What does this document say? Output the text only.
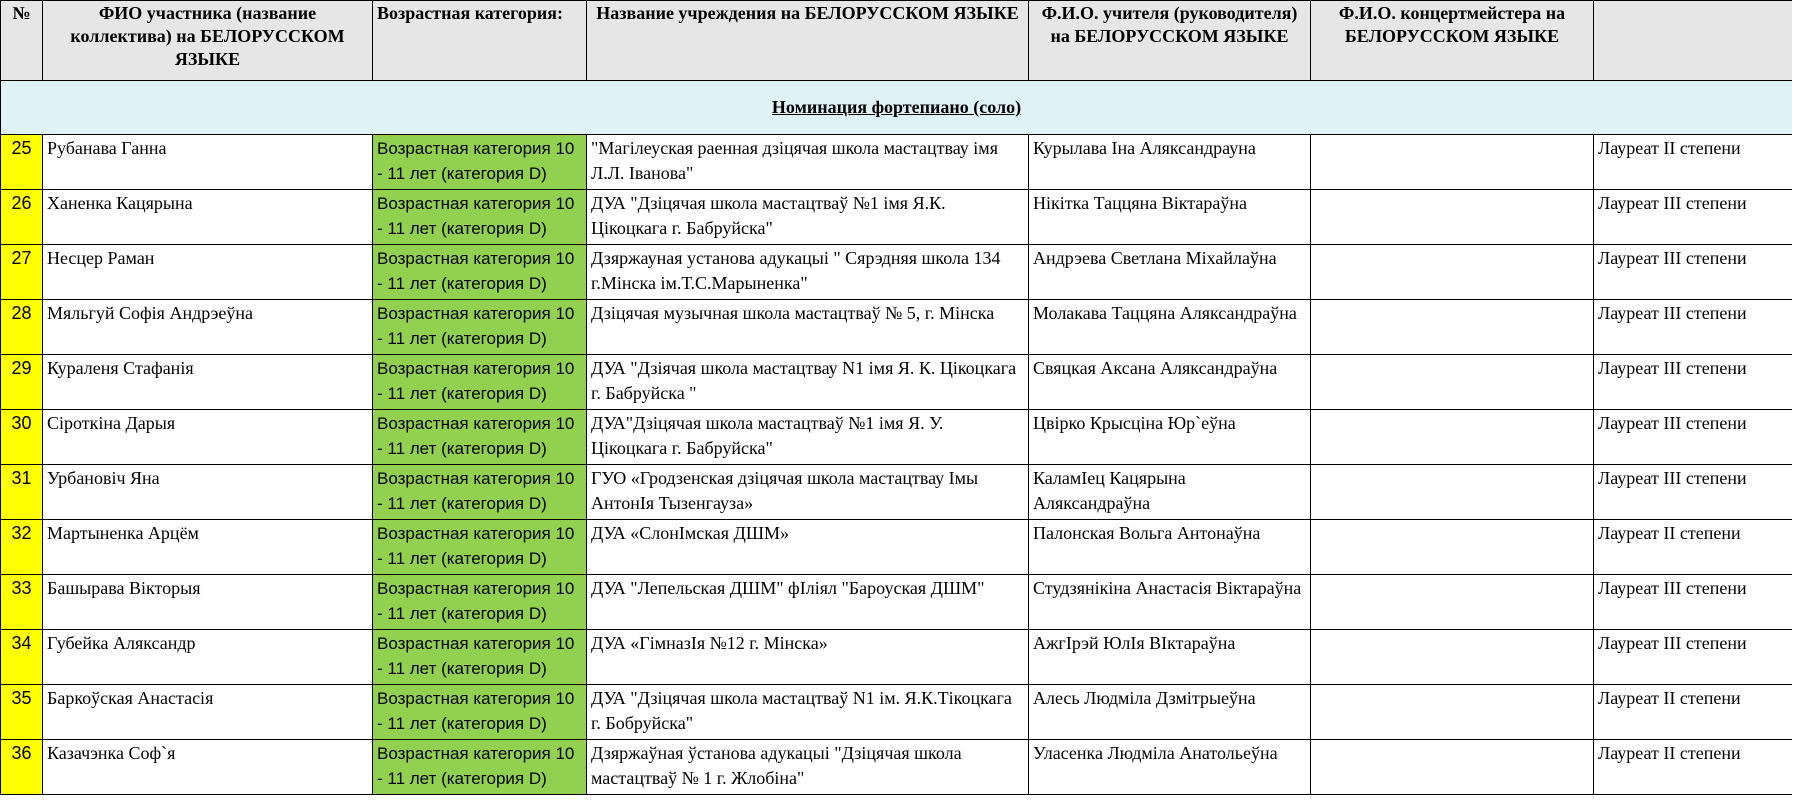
№	ФИО участника (название коллектива) на БЕЛОРУССКОМ ЯЗЫКЕ	Возрастная категория:	Название учреждения на БЕЛОРУССКОМ ЯЗЫКЕ	Ф.И.О. учителя (руководителя) на БЕЛОРУССКОМ ЯЗЫКЕ	Ф.И.О. концертмейстера на БЕЛОРУССКОМ ЯЗЫКЕ	
Номинация фортепиано (соло)						
25	Рубанава Ганна	Возрастная категория 10 - 11 лет (категория D)	"Магілеуская раенная дзіцячая школа мастацтвау імя Л.Л. Іванова"	Курылава Іна Аляксандрауна		Лауреат II степени
26	Ханенка Кацярына	Возрастная категория 10 - 11 лет (категория D)	ДУА "Дзіцячая школа мастацтваў №1 імя Я.К. Цікоцкага г. Бабруйска"	Нікітка Таццяна Віктараўна		Лауреат III степени
27	Несцер Раман	Возрастная категория 10 - 11 лет (категория D)	Дзяржауная установа адукацыі " Сярэдняя школа 134 г.Мінска ім.Т.С.Марыненка"	Андрэева Светлана Міхайлаўна		Лауреат III степени
28	Мяльгуй Софія Андрэеўна	Возрастная категория 10 - 11 лет (категория D)	Дзіцячая музычная школа мастацтваў № 5, г. Мінска	Молакава Таццяна Аляксандраўна		Лауреат III степени
29	Кураленя Стафанія	Возрастная категория 10 - 11 лет (категория D)	ДУА "Дзіячая школа мастацтвау N1 імя Я. К. Цікоцкага г. Бабруйска "	Свяцкая Аксана Аляксандраўна		Лауреат III степени
30	Сіроткіна Дарыя	Возрастная категория 10 - 11 лет (категория D)	ДУА"Дзіцячая школа мастацтваў №1 імя Я. У. Цікоцкага г. Бабруйска"	Цвірко Крысціна Юр`еўна		Лауреат III степени
31	Урбановіч Яна	Возрастная категория 10 - 11 лет (категория D)	ГУО «Гродзенская дзіцячая школа мастацтвау Імы АнтонІя Тызенгауза»	КаламІец Кацярына Аляксандраўна		Лауреат III степени
32	Мартыненка Арцём	Возрастная категория 10 - 11 лет (категория D)	ДУА «СлонІмская ДШМ»	Палонская Вольга Антонаўна		Лауреат II степени
33	Башырава Вікторыя	Возрастная категория 10 - 11 лет (категория D)	ДУА "Лепельская ДШМ" фІліял "Бароуская ДШМ"	Студзянікіна Анастасія Віктараўна		Лауреат III степени
34	Губейка Аляксандр	Возрастная категория 10 - 11 лет (категория D)	ДУА «ГімназІя №12 г. Мінска»	АжгІрэй ЮлІя ВІктараўна		Лауреат III степени
35	Баркоўская Анастасія	Возрастная категория 10 - 11 лет (категория D)	ДУА "Дзіцячая школа мастацтваў N1 ім. Я.К.Тікоцкага г. Бобруйска"	Алесь Людміла Дзмітрыеўна		Лауреат II степени
36	Казачэнка Соф`я	Возрастная категория 10 - 11 лет (категория D)	Дзяржаўная ўстанова адукацыі "Дзіцячая школа мастацтваў № 1 г. Жлобіна"	Уласенка Людміла Анатольеўна		Лауреат II степени
